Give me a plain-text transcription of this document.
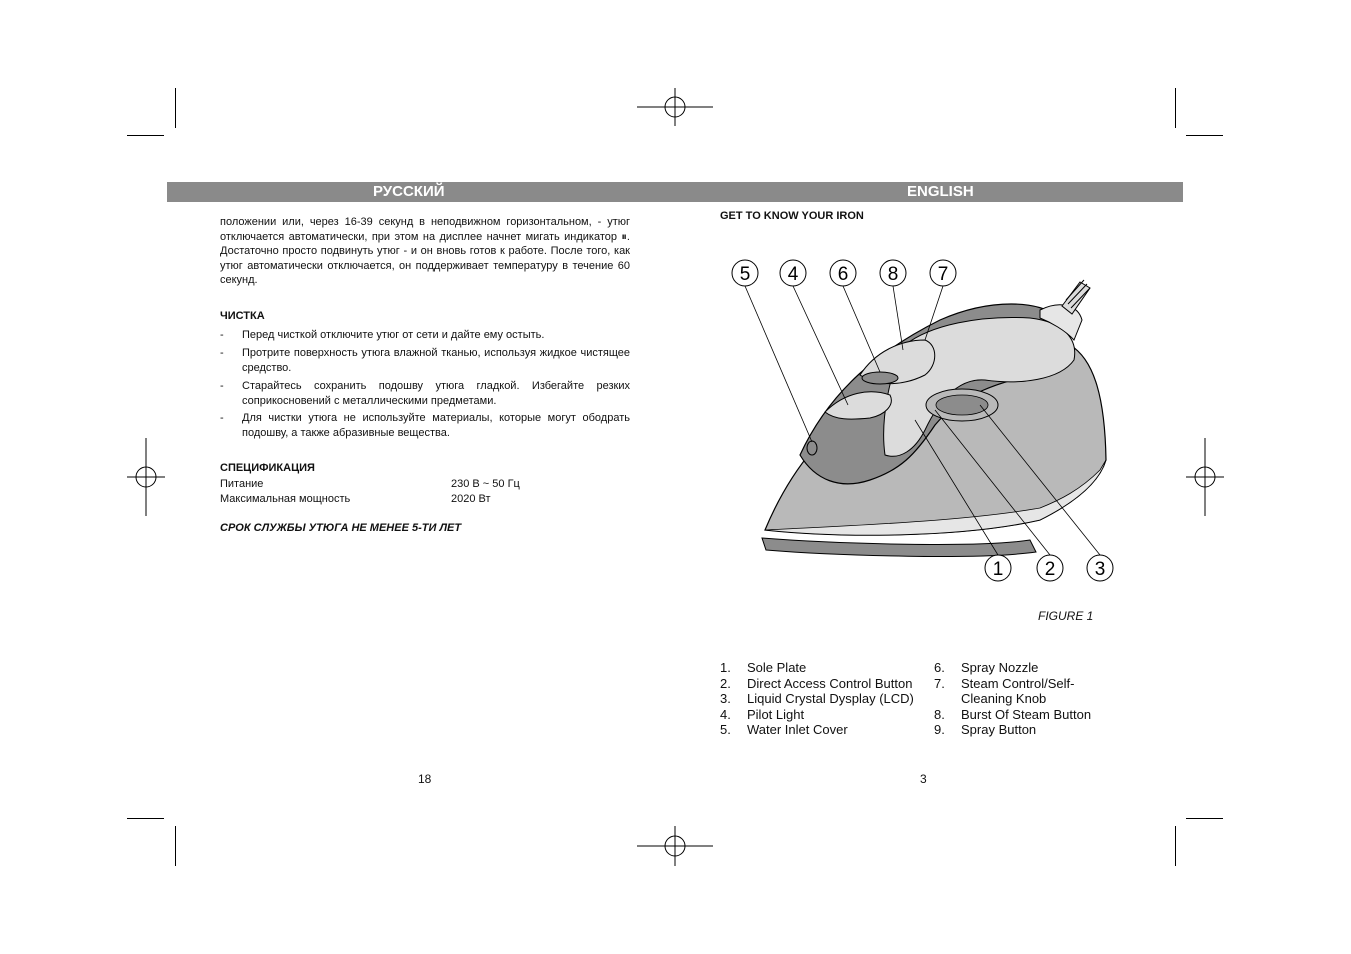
РУССКИЙ	ENGLISH
положении или, через 16-39 секунд в неподвижном горизонтальном, - утюг отключается автоматически, при этом на дисплее начнет мигать индикатор ⏸. Достаточно просто подвинуть утюг - и он вновь готов к работе. После того, как утюг автоматически отключается, он поддерживает температуру в течение 60 секунд.
ЧИСТКА
- Перед чисткой отключите утюг от сети и дайте ему остыть.
- Протрите поверхность утюга влажной тканью, используя жидкое чистящее средство.
- Старайтесь сохранить подошву утюга гладкой. Избегайте резких соприкосновений с металлическими предметами.
- Для чистки утюга не используйте материалы, которые могут ободрать подошву, а также абразивные вещества.
СПЕЦИФИКАЦИЯ
Питание	230 В ~ 50 Гц
Максимальная мощность	2020 Вт
СРОК СЛУЖБЫ УТЮГА НЕ МЕНЕЕ 5-ТИ ЛЕТ
18
GET TO KNOW YOUR IRON
5 4 6 8 7
1 2 3
FIGURE 1
1. Sole Plate
2. Direct Access Control Button
3. Liquid Crystal Dysplay (LCD)
4. Pilot Light
5. Water Inlet Cover
6. Spray Nozzle
7. Steam Control/Self-
Cleaning Knob
8. Burst Of Steam Button
9. Spray Button
3
